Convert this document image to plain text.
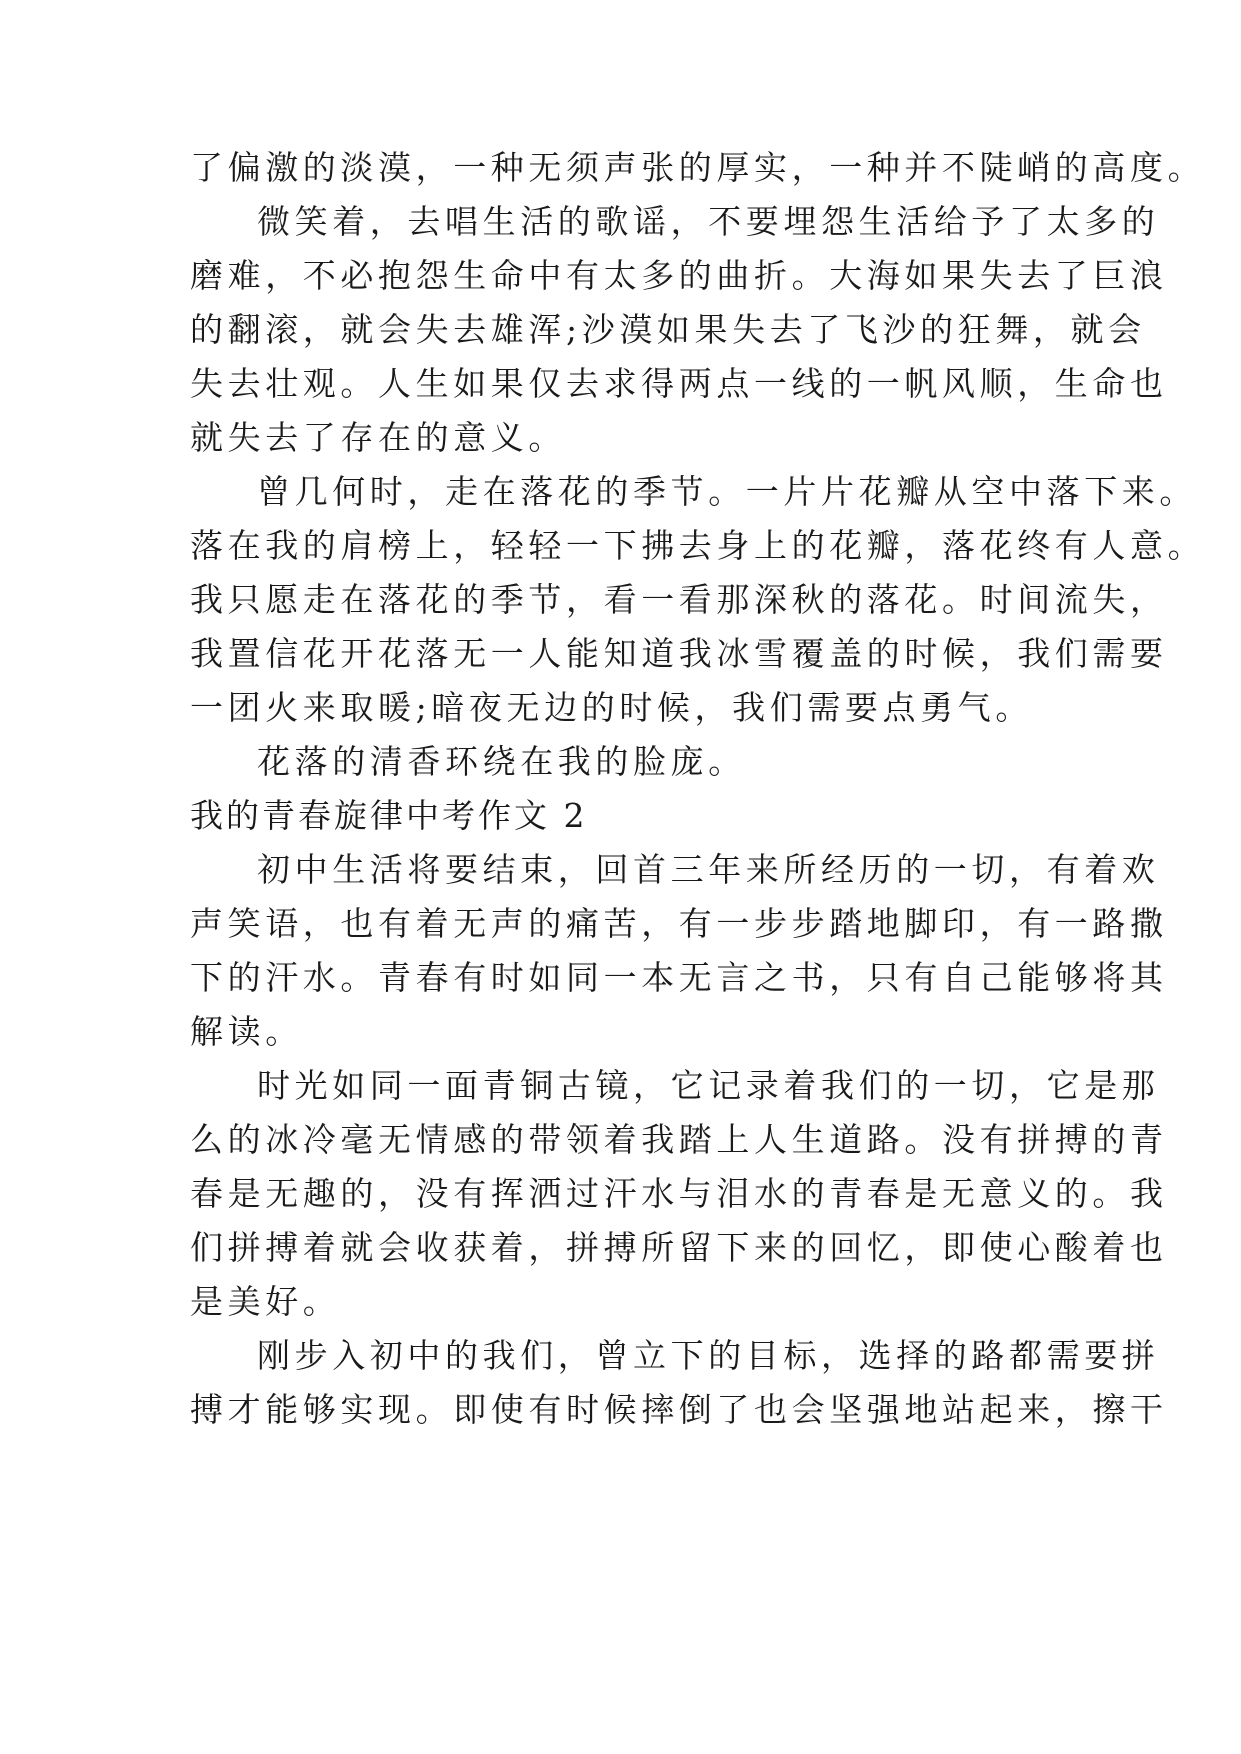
了偏激的淡漠，一种无须声张的厚实，一种并不陡峭的高度。
微笑着，去唱生活的歌谣，不要埋怨生活给予了太多的
磨难，不必抱怨生命中有太多的曲折。大海如果失去了巨浪
的翻滚，就会失去雄浑;沙漠如果失去了飞沙的狂舞，就会
失去壮观。人生如果仅去求得两点一线的一帆风顺，生命也
就失去了存在的意义。
曾几何时，走在落花的季节。一片片花瓣从空中落下来。
落在我的肩榜上，轻轻一下拂去身上的花瓣，落花终有人意。
我只愿走在落花的季节，看一看那深秋的落花。时间流失，
我置信花开花落无一人能知道我冰雪覆盖的时候，我们需要
一团火来取暖;暗夜无边的时候，我们需要点勇气。
花落的清香环绕在我的脸庞。
我的青春旋律中考作文 2
初中生活将要结束，回首三年来所经历的一切，有着欢
声笑语，也有着无声的痛苦，有一步步踏地脚印，有一路撒
下的汗水。青春有时如同一本无言之书，只有自己能够将其
解读。
时光如同一面青铜古镜，它记录着我们的一切，它是那
么的冰冷毫无情感的带领着我踏上人生道路。没有拼搏的青
春是无趣的，没有挥洒过汗水与泪水的青春是无意义的。我
们拼搏着就会收获着，拼搏所留下来的回忆，即使心酸着也
是美好。
刚步入初中的我们，曾立下的目标，选择的路都需要拼
搏才能够实现。即使有时候摔倒了也会坚强地站起来，擦干
